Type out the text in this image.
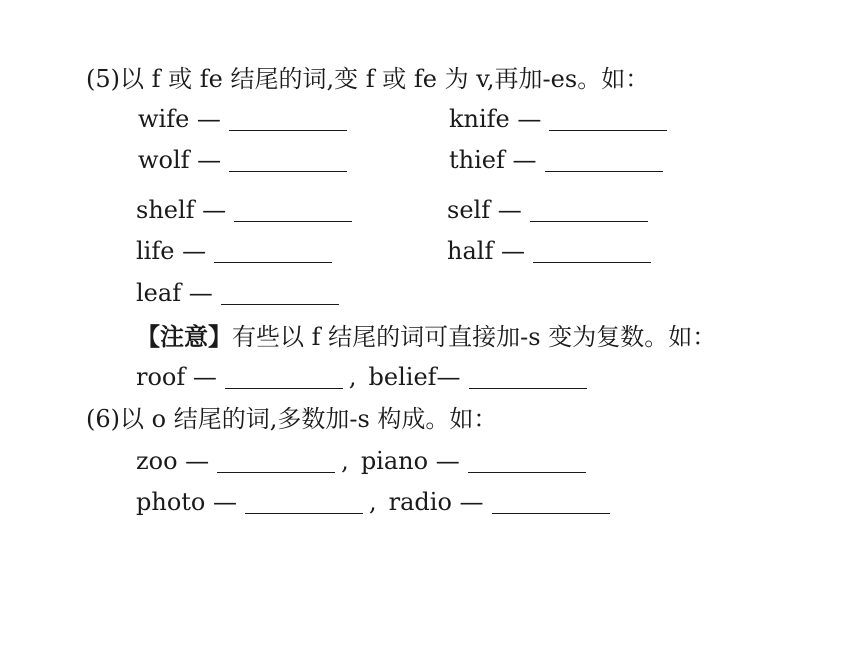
(5)以 f 或 fe 结尾的词,变 f 或 fe 为 v,再加-es。如：
wife —	knife —
wolf —	thief —
shelf —	self —
life —	half —
leaf —
【注意】有些以 f 结尾的词可直接加-s 变为复数。如：
roof —	, belief—
(6)以 o 结尾的词,多数加-s 构成。如：
zoo —	, piano —
photo —	, radio —
